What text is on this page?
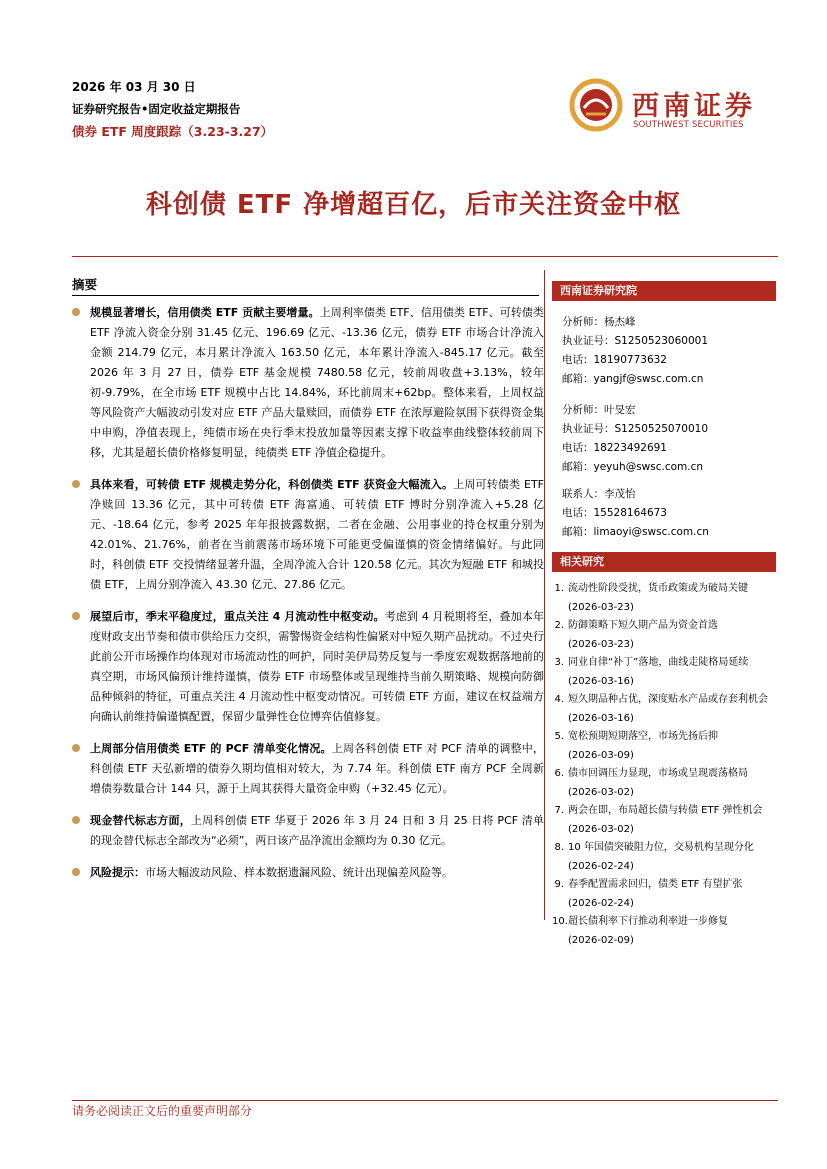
2026 年 03 月 30 日
证券研究报告•固定收益定期报告
债券 ETF 周度跟踪（3.23-3.27）
西南证券
SOUTHWEST SECURITIES
科创债 ETF 净增超百亿，后市关注资金中枢
摘要
规模显著增长，信用债类 ETF 贡献主要增量。上周利率债类 ETF、信用债类 ETF、可转债类 ETF 净流入资金分别 31.45 亿元、196.69 亿元、-13.36 亿元，债券 ETF 市场合计净流入金额 214.79 亿元，本月累计净流入 163.50 亿元，本年累计净流入-845.17 亿元。截至 2026 年 3 月 27 日，债券 ETF 基金规模 7480.58 亿元，较前周收盘+3.13%，较年初-9.79%，在全市场 ETF 规模中占比 14.84%，环比前周末+62bp。整体来看，上周权益等风险资产大幅波动引发对应 ETF 产品大量赎回，而债券 ETF 在浓厚避险氛围下获得资金集中申购，净值表现上，纯债市场在央行季末投放加量等因素支撑下收益率曲线整体较前周下移，尤其是超长债价格修复明显，纯债类 ETF 净值企稳提升。
具体来看，可转债 ETF 规模走势分化，科创债类 ETF 获资金大幅流入。上周可转债类 ETF 净赎回 13.36 亿元，其中可转债 ETF 海富通、可转债 ETF 博时分别净流入+5.28 亿元、-18.64 亿元，参考 2025 年年报披露数据，二者在金融、公用事业的持仓权重分别为 42.01%、21.76%，前者在当前震荡市场环境下可能更受偏谨慎的资金情绪偏好。与此同时，科创债 ETF 交投情绪显著升温，全周净流入合计 120.58 亿元。其次为短融 ETF 和城投债 ETF，上周分别净流入 43.30 亿元、27.86 亿元。
展望后市，季末平稳度过，重点关注 4 月流动性中枢变动。考虑到 4 月税期将至，叠加本年度财政支出节奏和债市供给压力交织，需警惕资金结构性偏紧对中短久期产品扰动。不过央行此前公开市场操作均体现对市场流动性的呵护，同时美伊局势反复与一季度宏观数据落地前的真空期，市场风偏预计维持谨慎，债券 ETF 市场整体或呈现维持当前久期策略、规模向防御品种倾斜的特征，可重点关注 4 月流动性中枢变动情况。可转债 ETF 方面，建议在权益端方向确认前维持偏谨慎配置，保留少量弹性仓位博弈估值修复。
上周部分信用债类 ETF 的 PCF 清单变化情况。上周各科创债 ETF 对 PCF 清单的调整中，科创债 ETF 天弘新增的债券久期均值相对较大，为 7.74 年。科创债 ETF 南方 PCF 全周新增债券数量合计 144 只，源于上周其获得大量资金申购（+32.45 亿元）。
现金替代标志方面，上周科创债 ETF 华夏于 2026 年 3 月 24 日和 3 月 25 日将 PCF 清单的现金替代标志全部改为“必须”，两日该产品净流出金额均为 0.30 亿元。
风险提示：市场大幅波动风险、样本数据遗漏风险、统计出现偏差风险等。
西南证券研究院
分析师：杨杰峰
执业证号：S1250523060001
电话：18190773632
邮箱：yangjf@swsc.com.cn
分析师：叶旻宏
执业证号：S1250525070010
电话：18223492691
邮箱：yeyuh@swsc.com.cn
联系人：李茂怡
电话：15528164673
邮箱：limaoyi@swsc.com.cn
相关研究
1. 流动性阶段受扰，货币政策或为破局关键
(2026-03-23)
2. 防御策略下短久期产品为资金首选
(2026-03-23)
3. 同业自律“补丁”落地，曲线走陡格局延续
(2026-03-16)
4. 短久期品种占优，深度贴水产品或存套利机会
(2026-03-16)
5. 宽松预期短期落空，市场先扬后抑
(2026-03-09)
6. 债市回调压力显现，市场或呈现震荡格局
(2026-03-02)
7. 两会在即，布局超长债与转债 ETF 弹性机会
(2026-03-02)
8. 10 年国债突破阻力位，交易机构呈现分化
(2026-02-24)
9. 春季配置需求回归，债类 ETF 有望扩张
(2026-02-24)
10. 超长债利率下行推动利率进一步修复
(2026-02-09)
请务必阅读正文后的重要声明部分
